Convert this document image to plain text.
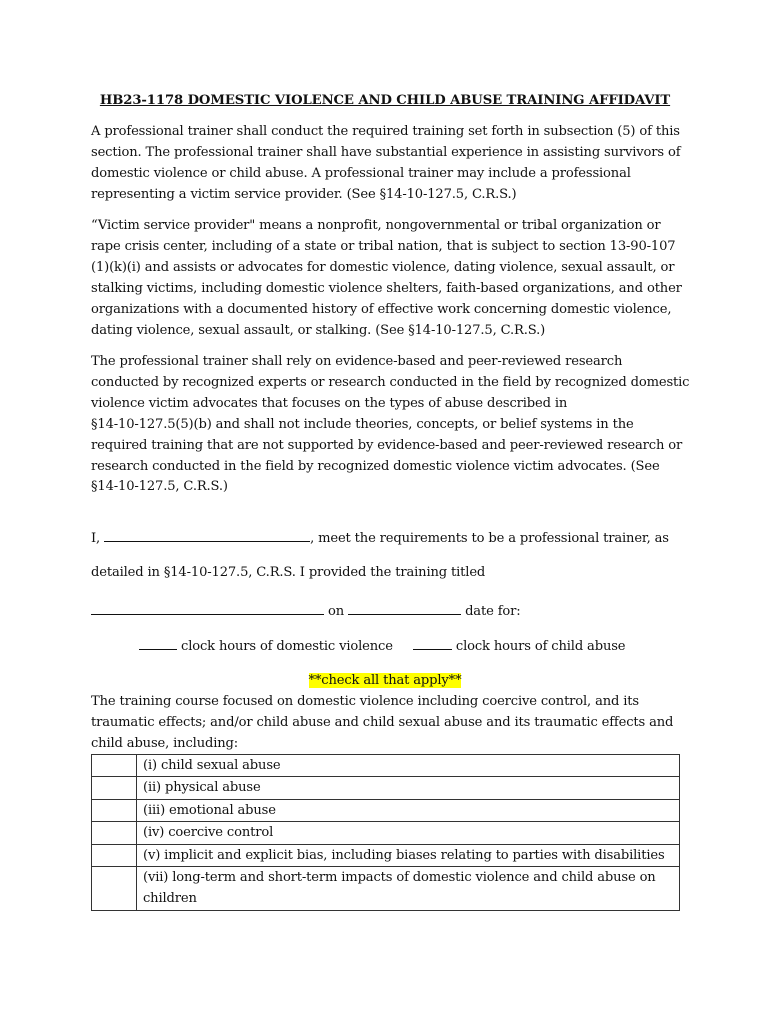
HB23-1178 DOMESTIC VIOLENCE AND CHILD ABUSE TRAINING AFFIDAVIT
A professional trainer shall conduct the required training set forth in subsection (5) of this
section. The professional trainer shall have substantial experience in assisting survivors of
domestic violence or child abuse. A professional trainer may include a professional
representing a victim service provider. (See §14-10-127.5, C.R.S.)
“Victim service provider" means a nonprofit, nongovernmental or tribal organization or
rape crisis center, including of a state or tribal nation, that is subject to section 13-90-107
(1)(k)(i) and assists or advocates for domestic violence, dating violence, sexual assault, or
stalking victims, including domestic violence shelters, faith-based organizations, and other
organizations with a documented history of effective work concerning domestic violence,
dating violence, sexual assault, or stalking. (See §14-10-127.5, C.R.S.)
The professional trainer shall rely on evidence-based and peer-reviewed research
conducted by recognized experts or research conducted in the field by recognized domestic
violence victim advocates that focuses on the types of abuse described in
§14-10-127.5(5)(b) and shall not include theories, concepts, or belief systems in the
required training that are not supported by evidence-based and peer-reviewed research or
research conducted in the field by recognized domestic violence victim advocates. (See
§14-10-127.5, C.R.S.)
I,	, meet the requirements to be a professional trainer, as
detailed in §14-10-127.5, C.R.S. I provided the training titled
on	date for:
clock hours of domestic violence	clock hours of child abuse
**check all that apply**
The training course focused on domestic violence including coercive control, and its
traumatic effects; and/or child abuse and child sexual abuse and its traumatic effects and
child abuse, including:
	(i) child sexual abuse
	(ii) physical abuse
	(iii) emotional abuse
	(iv) coercive control
	(v) implicit and explicit bias, including biases relating to parties with disabilities
	(vii) long-term and short-term impacts of domestic violence and child abuse on children
